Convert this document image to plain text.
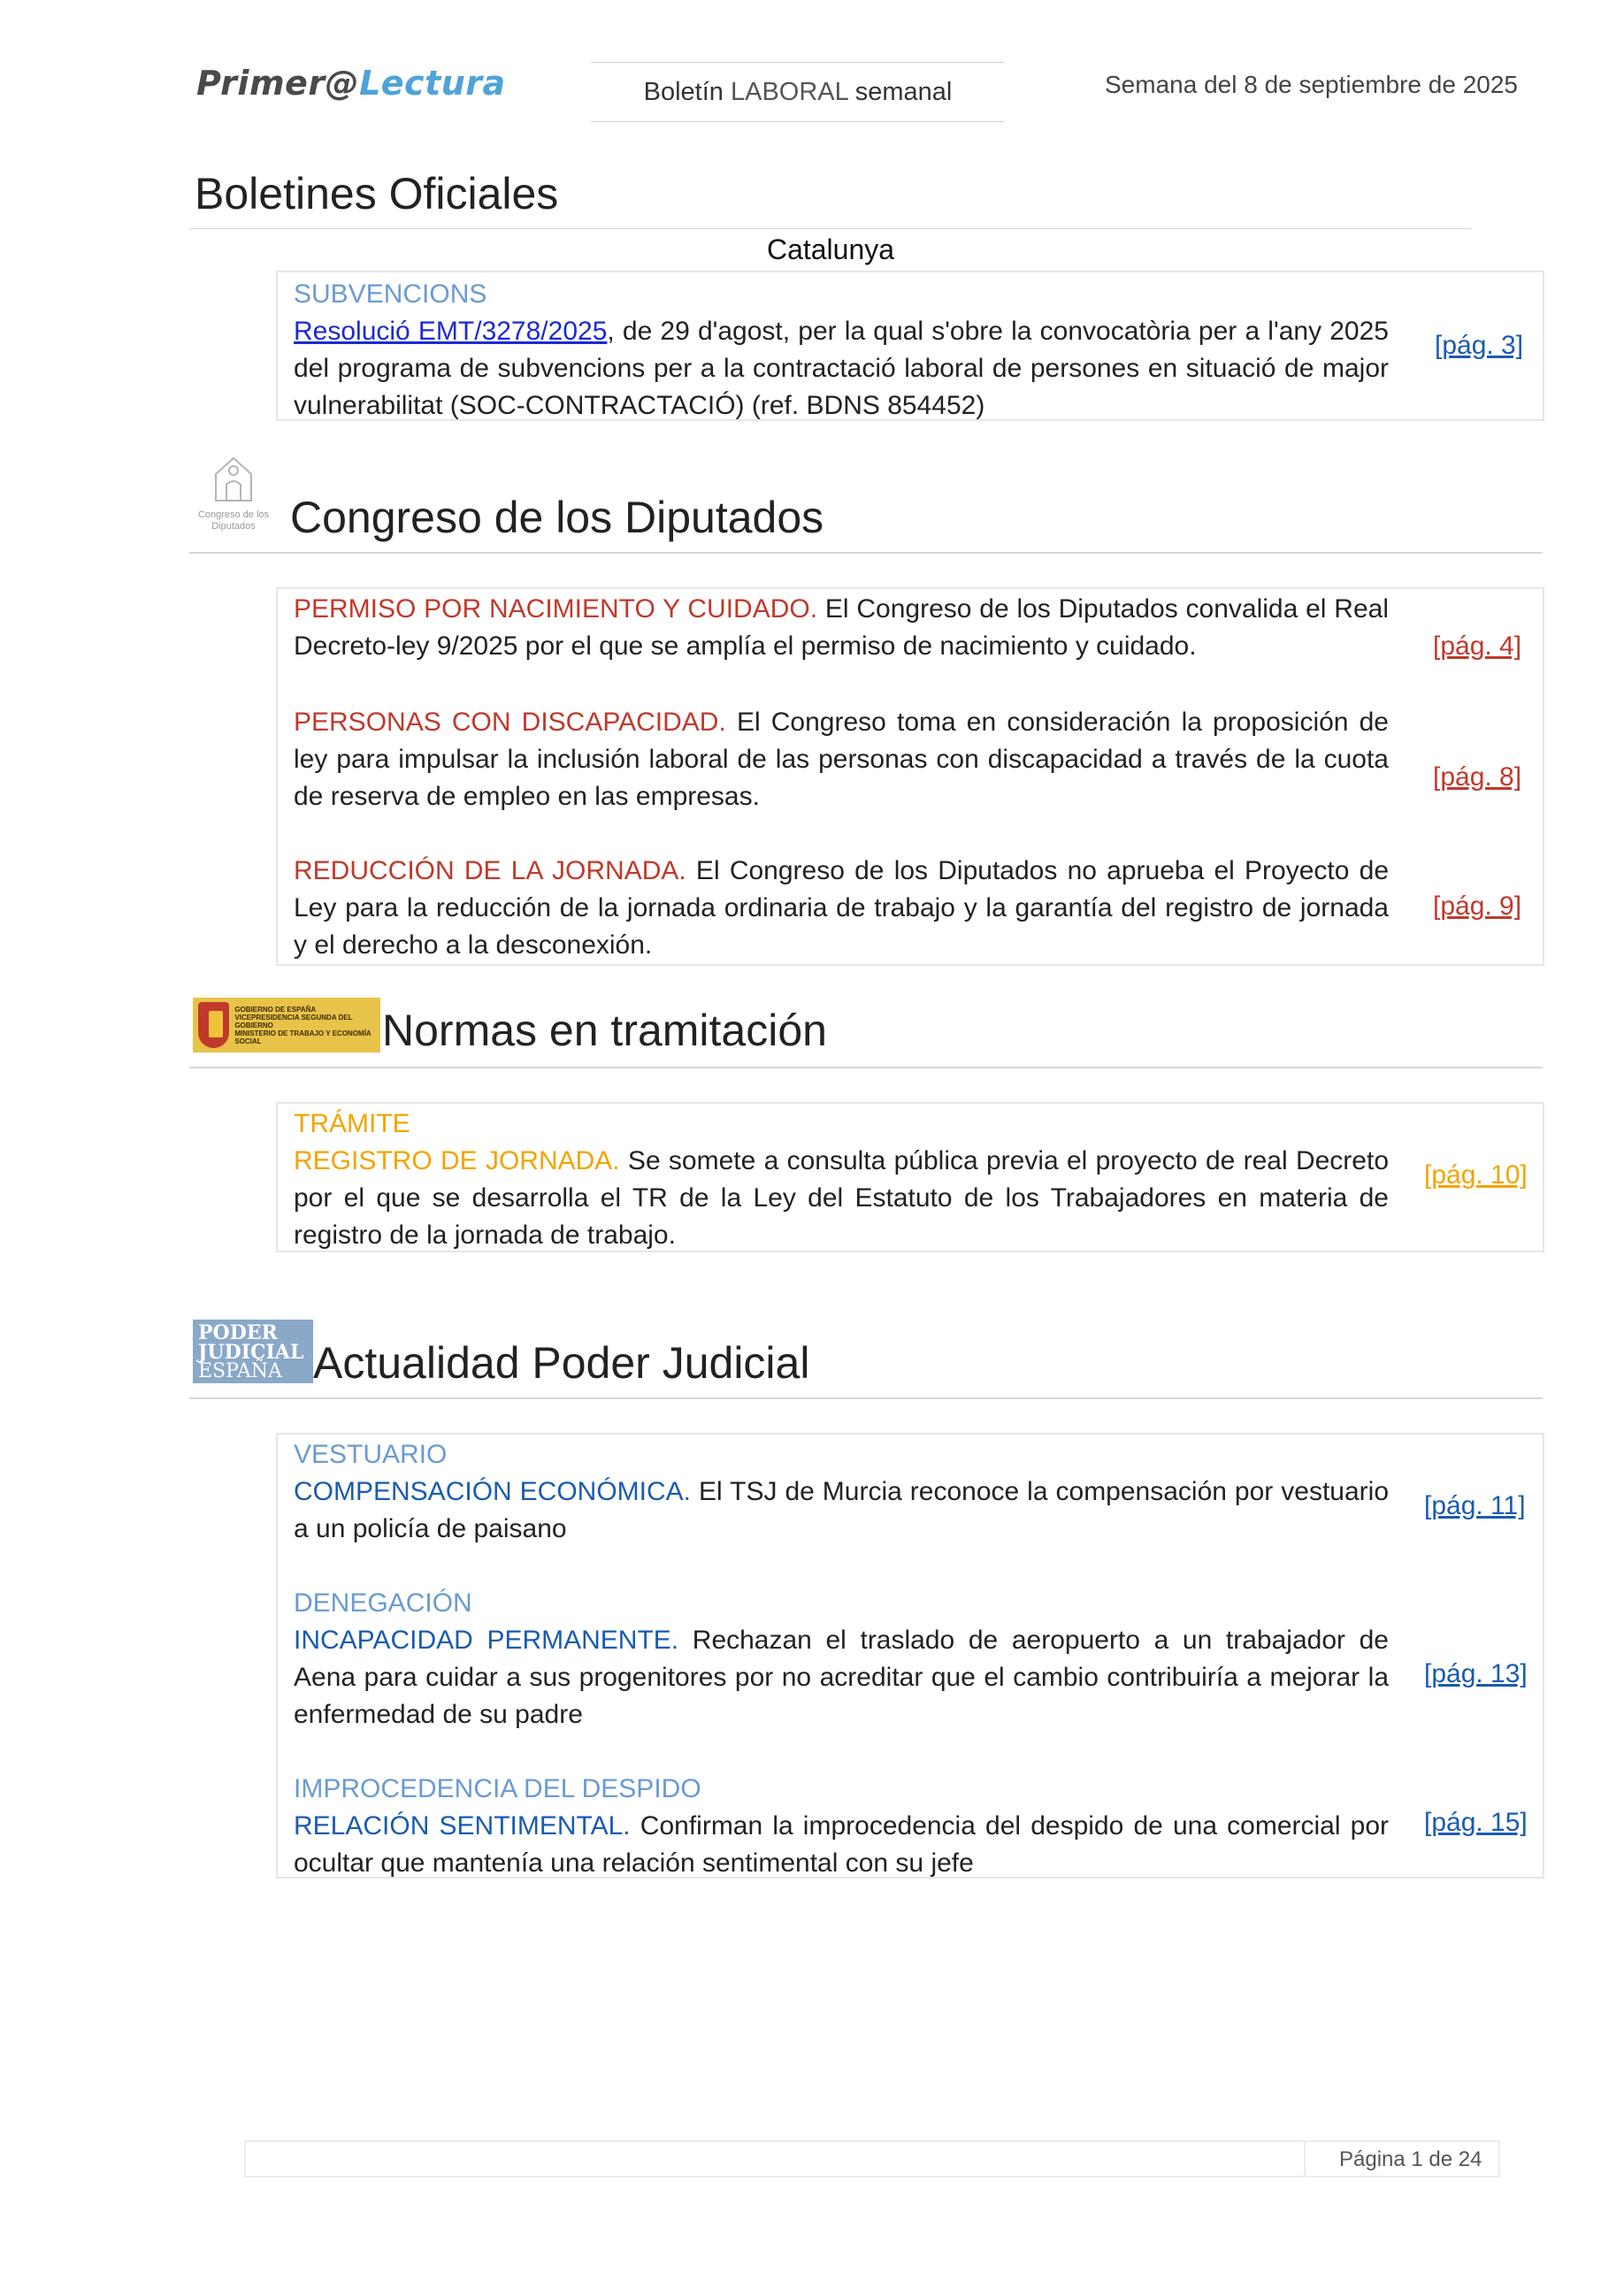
Primer@Lectura	Boletín LABORAL semanal	Semana del 8 de septiembre de 2025
Boletines Oficiales
Catalunya
SUBVENCIONS
Resolució EMT/3278/2025, de 29 d'agost, per la qual s'obre la convocatòria per a l'any 2025 del programa de subvencions per a la contractació laboral de persones en situació de major vulnerabilitat (SOC-CONTRACTACIÓ) (ref. BDNS 854452)
[pág. 3]
Congreso de los Diputados Congreso de los Diputados
PERMISO POR NACIMIENTO Y CUIDADO. El Congreso de los Diputados convalida el Real Decreto-ley 9/2025 por el que se amplía el permiso de nacimiento y cuidado.	[pág. 4]
PERSONAS CON DISCAPACIDAD. El Congreso toma en consideración la proposición de ley para impulsar la inclusión laboral de las personas con discapacidad a través de la cuota de reserva de empleo en las empresas.
[pág. 8]
REDUCCIÓN DE LA JORNADA. El Congreso de los Diputados no aprueba el Proyecto de Ley para la reducción de la jornada ordinaria de trabajo y la garantía del registro de jornada y el derecho a la desconexión.
[pág. 9]
GOBIERNO DE ESPAÑA
VICEPRESIDENCIA SEGUNDA DEL GOBIERNO
MINISTERIO DE TRABAJO Y ECONOMÍA SOCIAL	Normas en tramitación
TRÁMITE
REGISTRO DE JORNADA. Se somete a consulta pública previa el proyecto de real Decreto por el que se desarrolla el TR de la Ley del Estatuto de los Trabajadores en materia de registro de la jornada de trabajo.
[pág. 10]
PODER
JUDICIAL
ESPAÑA Actualidad Poder Judicial
VESTUARIO
COMPENSACIÓN ECONÓMICA. El TSJ de Murcia reconoce la compensación por vestuario a un policía de paisano
[pág. 11]
DENEGACIÓN
INCAPACIDAD PERMANENTE. Rechazan el traslado de aeropuerto a un trabajador de Aena para cuidar a sus progenitores por no acreditar que el cambio contribuiría a mejorar la enfermedad de su padre
[pág. 13]
IMPROCEDENCIA DEL DESPIDO
RELACIÓN SENTIMENTAL. Confirman la improcedencia del despido de una comercial por ocultar que mantenía una relación sentimental con su jefe
[pág. 15]
Página 1 de 24
